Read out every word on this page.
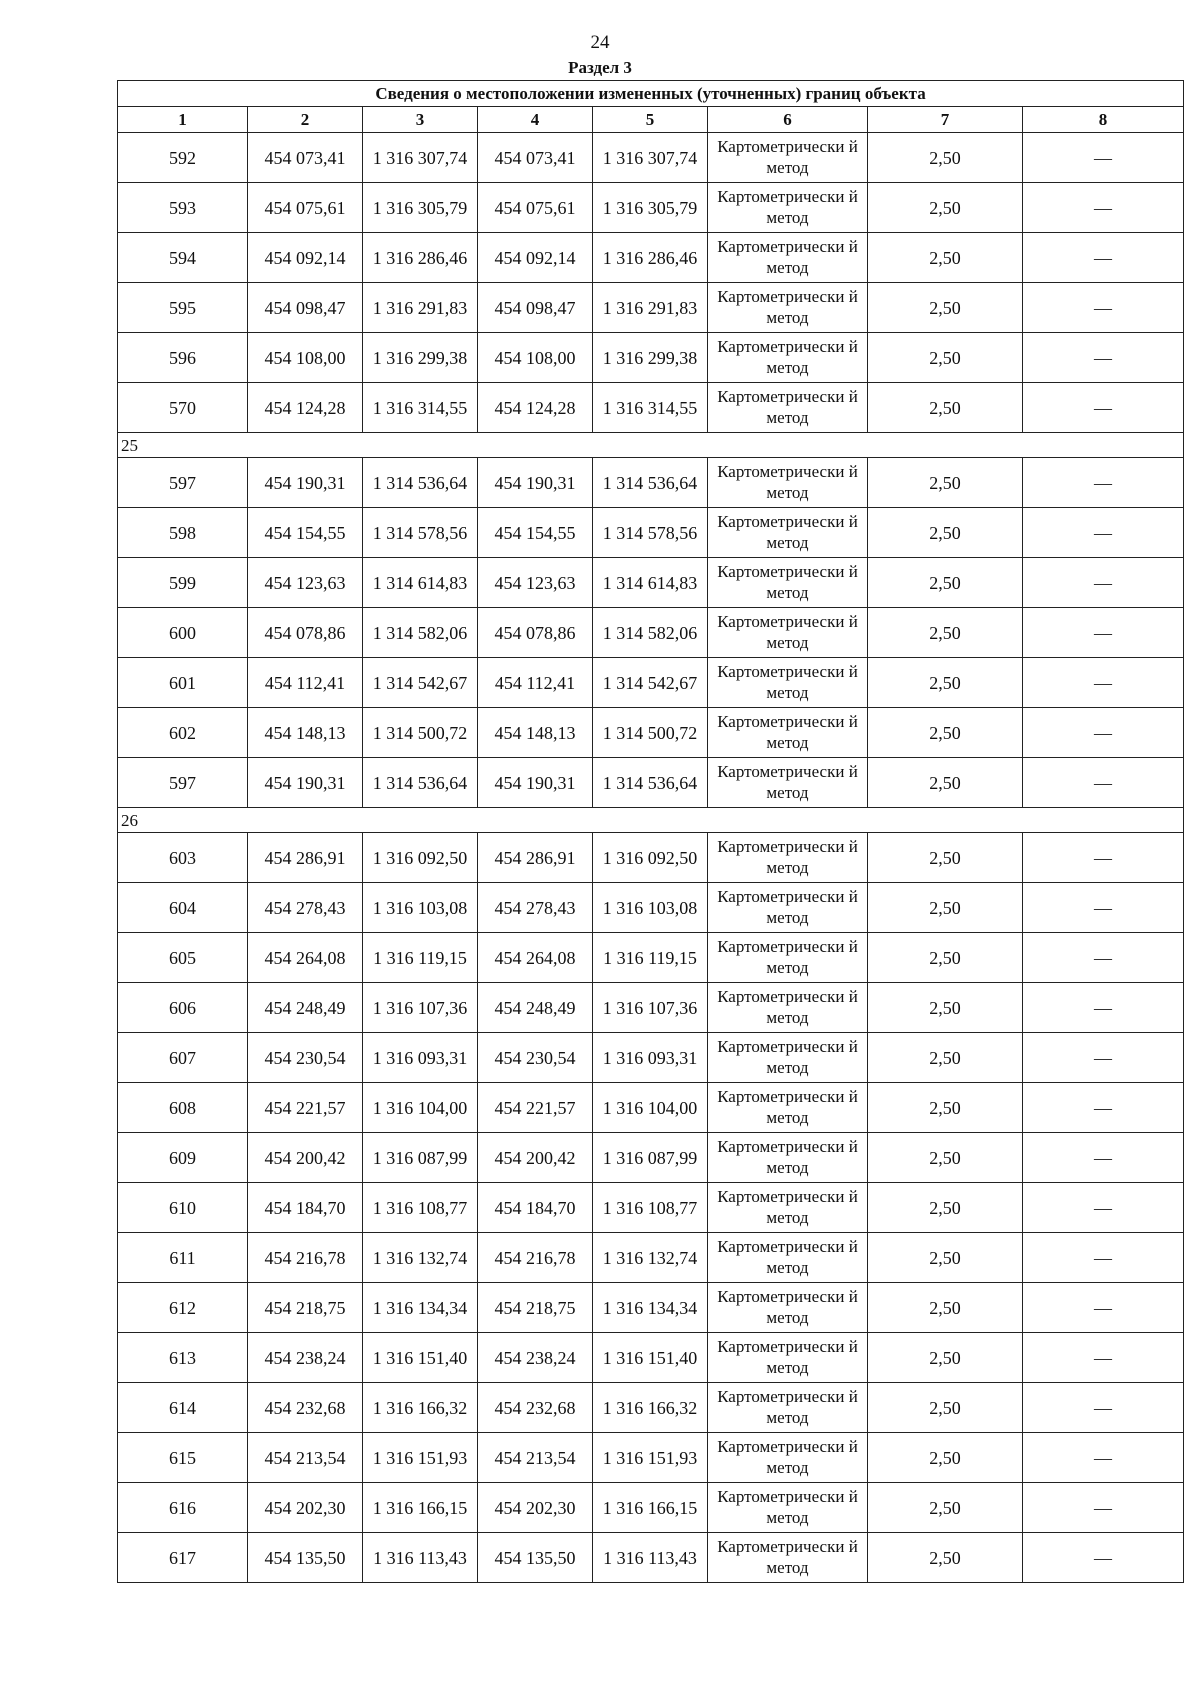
24
Раздел 3
Сведения о местоположении измененных (уточненных) границ объекта							
1	2	3	4	5	6	7	8
592	454 073,41	1 316 307,74	454 073,41	1 316 307,74	Картометрически й метод	2,50	—
593	454 075,61	1 316 305,79	454 075,61	1 316 305,79	Картометрически й метод	2,50	—
594	454 092,14	1 316 286,46	454 092,14	1 316 286,46	Картометрически й метод	2,50	—
595	454 098,47	1 316 291,83	454 098,47	1 316 291,83	Картометрически й метод	2,50	—
596	454 108,00	1 316 299,38	454 108,00	1 316 299,38	Картометрически й метод	2,50	—
570	454 124,28	1 316 314,55	454 124,28	1 316 314,55	Картометрически й метод	2,50	—
25							
597	454 190,31	1 314 536,64	454 190,31	1 314 536,64	Картометрически й метод	2,50	—
598	454 154,55	1 314 578,56	454 154,55	1 314 578,56	Картометрически й метод	2,50	—
599	454 123,63	1 314 614,83	454 123,63	1 314 614,83	Картометрически й метод	2,50	—
600	454 078,86	1 314 582,06	454 078,86	1 314 582,06	Картометрически й метод	2,50	—
601	454 112,41	1 314 542,67	454 112,41	1 314 542,67	Картометрически й метод	2,50	—
602	454 148,13	1 314 500,72	454 148,13	1 314 500,72	Картометрически й метод	2,50	—
597	454 190,31	1 314 536,64	454 190,31	1 314 536,64	Картометрически й метод	2,50	—
26							
603	454 286,91	1 316 092,50	454 286,91	1 316 092,50	Картометрически й метод	2,50	—
604	454 278,43	1 316 103,08	454 278,43	1 316 103,08	Картометрически й метод	2,50	—
605	454 264,08	1 316 119,15	454 264,08	1 316 119,15	Картометрически й метод	2,50	—
606	454 248,49	1 316 107,36	454 248,49	1 316 107,36	Картометрически й метод	2,50	—
607	454 230,54	1 316 093,31	454 230,54	1 316 093,31	Картометрически й метод	2,50	—
608	454 221,57	1 316 104,00	454 221,57	1 316 104,00	Картометрически й метод	2,50	—
609	454 200,42	1 316 087,99	454 200,42	1 316 087,99	Картометрически й метод	2,50	—
610	454 184,70	1 316 108,77	454 184,70	1 316 108,77	Картометрически й метод	2,50	—
611	454 216,78	1 316 132,74	454 216,78	1 316 132,74	Картометрически й метод	2,50	—
612	454 218,75	1 316 134,34	454 218,75	1 316 134,34	Картометрически й метод	2,50	—
613	454 238,24	1 316 151,40	454 238,24	1 316 151,40	Картометрически й метод	2,50	—
614	454 232,68	1 316 166,32	454 232,68	1 316 166,32	Картометрически й метод	2,50	—
615	454 213,54	1 316 151,93	454 213,54	1 316 151,93	Картометрически й метод	2,50	—
616	454 202,30	1 316 166,15	454 202,30	1 316 166,15	Картометрически й метод	2,50	—
617	454 135,50	1 316 113,43	454 135,50	1 316 113,43	Картометрически й метод	2,50	—
